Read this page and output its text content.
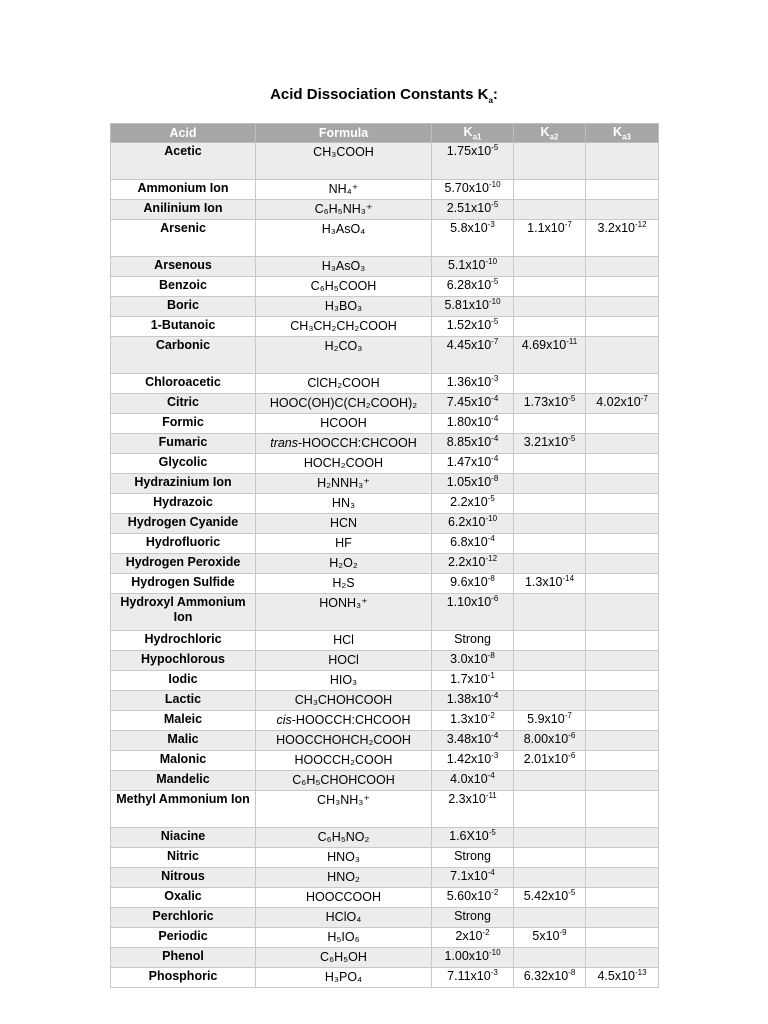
Acid Dissociation Constants $K_a$:
Acid	Formula	$K_{a1}$	$K_{a2}$	$K_{a3}$
Acetic	CH₃COOH	$1.75x10^{-5}$		
Ammonium Ion	NH₄⁺	$5.70x10^{-10}$		
Anilinium Ion	C₆H₅NH₃⁺	$2.51x10^{-5}$		
Arsenic	H₃AsO₄	$5.8x10^{-3}$	$1.1x10^{-7}$	$3.2x10^{-12}$
Arsenous	H₃AsO₃	$5.1x10^{-10}$		
Benzoic	C₆H₅COOH	$6.28x10^{-5}$		
Boric	H₃BO₃	$5.81x10^{-10}$		
1-Butanoic	CH₃CH₂CH₂COOH	$1.52x10^{-5}$		
Carbonic	H₂CO₃	$4.45x10^{-7}$	$4.69x10^{-11}$	
Chloroacetic	ClCH₂COOH	$1.36x10^{-3}$		
Citric	HOOC(OH)C(CH₂COOH)₂	$7.45x10^{-4}$	$1.73x10^{-5}$	$4.02x10^{-7}$
Formic	HCOOH	$1.80x10^{-4}$		
Fumaric	trans-HOOCCH:CHCOOH	$8.85x10^{-4}$	$3.21x10^{-5}$	
Glycolic	HOCH₂COOH	$1.47x10^{-4}$		
Hydrazinium Ion	H₂NNH₃⁺	$1.05x10^{-8}$		
Hydrazoic	HN₃	$2.2x10^{-5}$		
Hydrogen Cyanide	HCN	$6.2x10^{-10}$		
Hydrofluoric	HF	$6.8x10^{-4}$		
Hydrogen Peroxide	H₂O₂	$2.2x10^{-12}$		
Hydrogen Sulfide	H₂S	$9.6x10^{-8}$	$1.3x10^{-14}$	
Hydroxyl Ammonium Ion	HONH₃⁺	$1.10x10^{-6}$		
Hydrochloric	HCl	Strong		
Hypochlorous	HOCl	$3.0x10^{-8}$		
Iodic	HIO₃	$1.7x10^{-1}$		
Lactic	CH₃CHOHCOOH	$1.38x10^{-4}$		
Maleic	cis-HOOCCH:CHCOOH	$1.3x10^{-2}$	$5.9x10^{-7}$	
Malic	HOOCCHOHCH₂COOH	$3.48x10^{-4}$	$8.00x10^{-6}$	
Malonic	HOOCCH₂COOH	$1.42x10^{-3}$	$2.01x10^{-6}$	
Mandelic	C₆H₅CHOHCOOH	$4.0x10^{-4}$		
Methyl Ammonium Ion	CH₃NH₃⁺	$2.3x10^{-11}$		
Niacine	C₆H₅NO₂	$1.6X10^{-5}$		
Nitric	HNO₃	Strong		
Nitrous	HNO₂	$7.1x10^{-4}$		
Oxalic	HOOCCOOH	$5.60x10^{-2}$	$5.42x10^{-5}$	
Perchloric	HClO₄	Strong		
Periodic	H₅IO₆	$2x10^{-2}$	$5x10^{-9}$	
Phenol	C₆H₅OH	$1.00x10^{-10}$		
Phosphoric	H₃PO₄	$7.11x10^{-3}$	$6.32x10^{-8}$	$4.5x10^{-13}$
